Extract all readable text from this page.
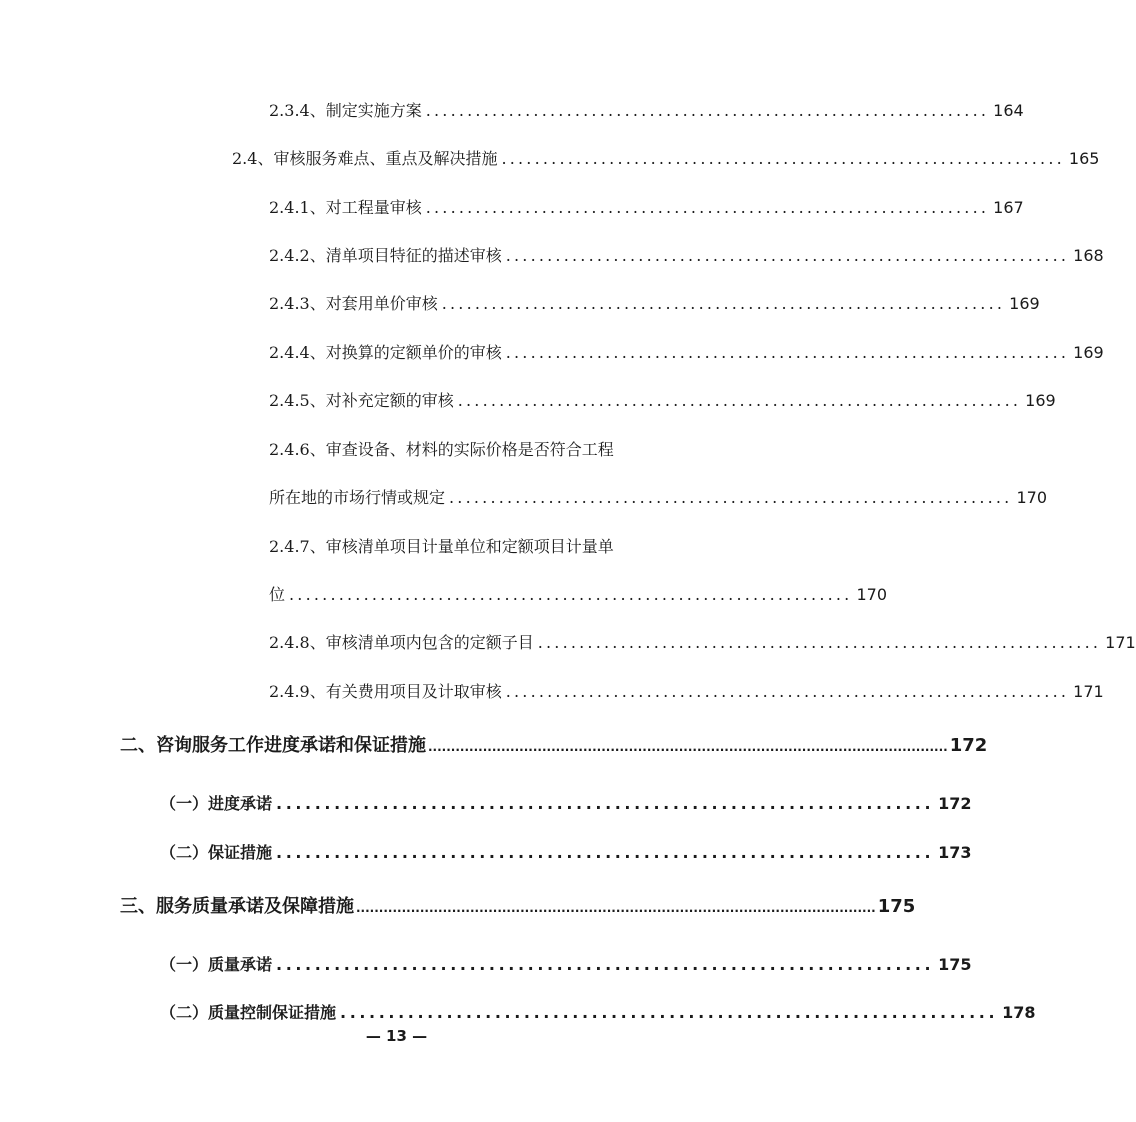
2.3.4、制定实施方案 .................................................................... 164
2.4、审核服务难点、重点及解决措施 .................................................................... 165
2.4.1、对工程量审核 .................................................................... 167
2.4.2、清单项目特征的描述审核 .................................................................... 168
2.4.3、对套用单价审核 .................................................................... 169
2.4.4、对换算的定额单价的审核 .................................................................... 169
2.4.5、对补充定额的审核 .................................................................... 169
2.4.6、审查设备、材料的实际价格是否符合工程
所在地的市场行情或规定 .................................................................... 170
2.4.7、审核清单项目计量单位和定额项目计量单
位 .................................................................... 170
2.4.8、审核清单项内包含的定额子目 .................................................................... 171
2.4.9、有关费用项目及计取审核 .................................................................... 171
二、咨询服务工作进度承诺和保证措施 .................................................................................................................. 172
（一）进度承诺 .................................................................... 172
（二）保证措施 .................................................................... 173
三、服务质量承诺及保障措施 .................................................................................................................. 175
（一）质量承诺 .................................................................... 175
（二）质量控制保证措施 .................................................................... 178
— 13 —
